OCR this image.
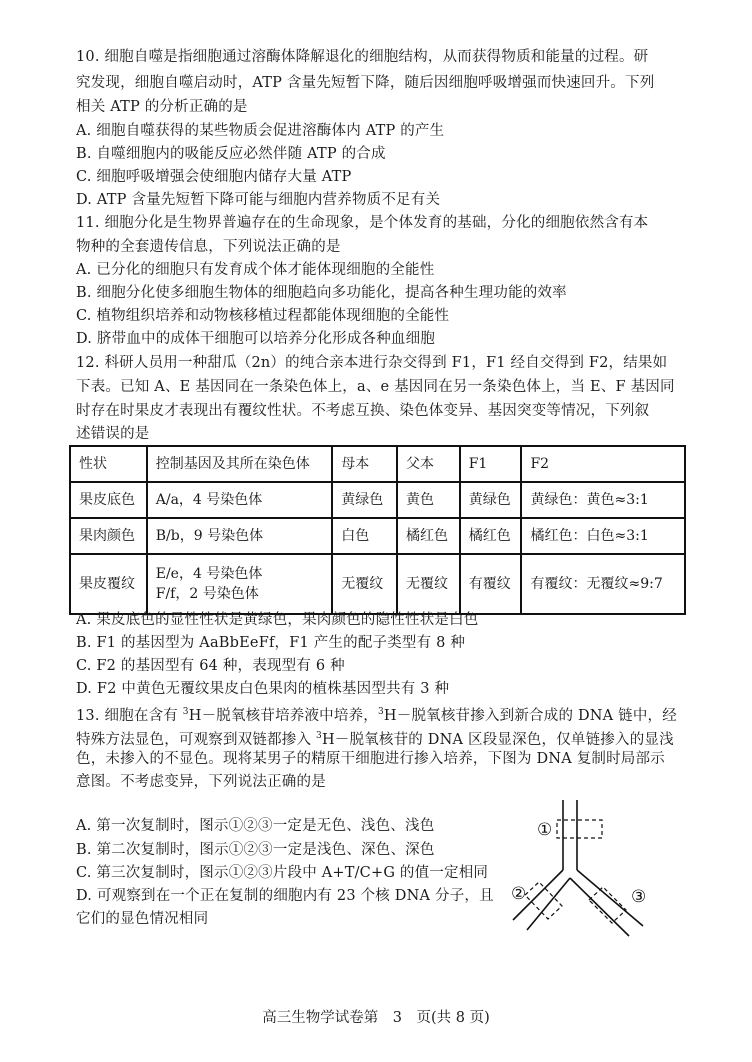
10. 细胞自噬是指细胞通过溶酶体降解退化的细胞结构，从而获得物质和能量的过程。研
究发现，细胞自噬启动时，ATP 含量先短暂下降，随后因细胞呼吸增强而快速回升。下列
相关 ATP 的分析正确的是
A. 细胞自噬获得的某些物质会促进溶酶体内 ATP 的产生
B. 自噬细胞内的吸能反应必然伴随 ATP 的合成
C. 细胞呼吸增强会使细胞内储存大量 ATP
D. ATP 含量先短暂下降可能与细胞内营养物质不足有关
11. 细胞分化是生物界普遍存在的生命现象，是个体发育的基础，分化的细胞依然含有本
物种的全套遗传信息，下列说法正确的是
A. 已分化的细胞只有发育成个体才能体现细胞的全能性
B. 细胞分化使多细胞生物体的细胞趋向多功能化，提高各种生理功能的效率
C. 植物组织培养和动物核移植过程都能体现细胞的全能性
D. 脐带血中的成体干细胞可以培养分化形成各种血细胞
12. 科研人员用一种甜瓜（2n）的纯合亲本进行杂交得到 F1，F1 经自交得到 F2，结果如
下表。已知 A、E 基因同在一条染色体上，a、e 基因同在另一条染色体上，当 E、F 基因同
时存在时果皮才表现出有覆纹性状。不考虑互换、染色体变异、基因突变等情况，下列叙
述错误的是
性状	控制基因及其所在染色体	母本	父本	F1	F2
果皮底色	A/a，4 号染色体	黄绿色	黄色	黄绿色	黄绿色：黄色≈3:1
果肉颜色	B/b，9 号染色体	白色	橘红色	橘红色	橘红色：白色≈3:1
果皮覆纹	E/e，4 号染色体
F/f，2 号染色体	无覆纹	无覆纹	有覆纹	有覆纹：无覆纹≈9:7
A. 果皮底色的显性性状是黄绿色，果肉颜色的隐性性状是白色
B. F1 的基因型为 AaBbEeFf，F1 产生的配子类型有 8 种
C. F2 的基因型有 64 种，表现型有 6 种
D. F2 中黄色无覆纹果皮白色果肉的植株基因型共有 3 种
13. 细胞在含有 $^3$H－脱氧核苷培养液中培养，$^3$H－脱氧核苷掺入到新合成的 DNA 链中，经
特殊方法显色，可观察到双链都掺入 $^3$H－脱氧核苷的 DNA 区段显深色，仅单链掺入的显浅
色，未掺入的不显色。现将某男子的精原干细胞进行掺入培养，下图为 DNA 复制时局部示
意图。不考虑变异，下列说法正确的是
A. 第一次复制时，图示①②③一定是无色、浅色、浅色
B. 第二次复制时，图示①②③一定是浅色、深色、深色
C. 第三次复制时，图示①②③片段中 A+T/C+G 的值一定相同
D. 可观察到在一个正在复制的细胞内有 23 个核 DNA 分子，且
它们的显色情况相同
①
②	③
高三生物学试卷第　3　页(共 8 页)
